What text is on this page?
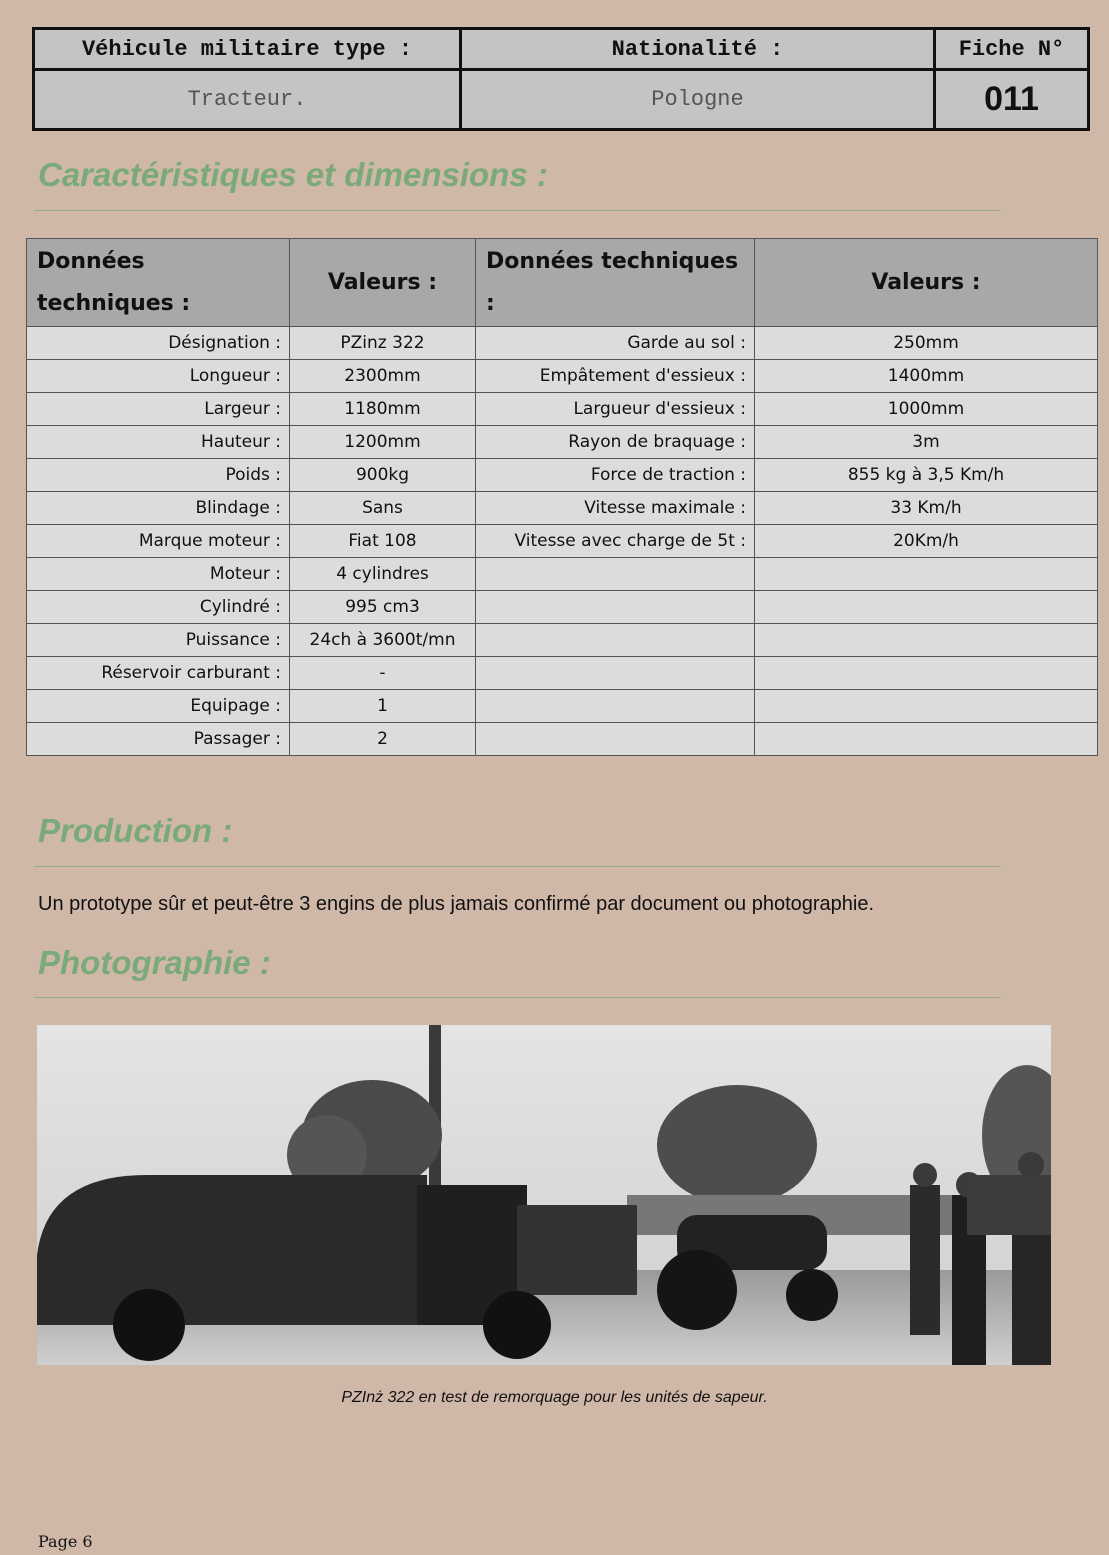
Véhicule militaire type :	Nationalité :	Fiche N°
Tracteur.	Pologne	011
Caractéristiques et dimensions :
Données techniques :	Valeurs :	Données techniques :	Valeurs :
Désignation :	PZinz 322	Garde au sol :	250mm
Longueur :	2300mm	Empâtement d'essieux :	1400mm
Largeur :	1180mm	Largueur d'essieux :	1000mm
Hauteur :	1200mm	Rayon de braquage :	3m
Poids :	900kg	Force de traction :	855 kg à 3,5 Km/h
Blindage :	Sans	Vitesse maximale :	33 Km/h
Marque moteur :	Fiat 108	Vitesse avec charge de 5t :	20Km/h
Moteur :	4 cylindres		
Cylindré :	995 cm3		
Puissance :	24ch à 3600t/mn		
Réservoir carburant :	-		
Equipage :	1		
Passager :	2		
Production :
Un prototype sûr et peut-être 3 engins de plus jamais confirmé par document ou photographie.
Photographie :
PZInż 322 en test de remorquage pour les unités de sapeur.
Page 6
